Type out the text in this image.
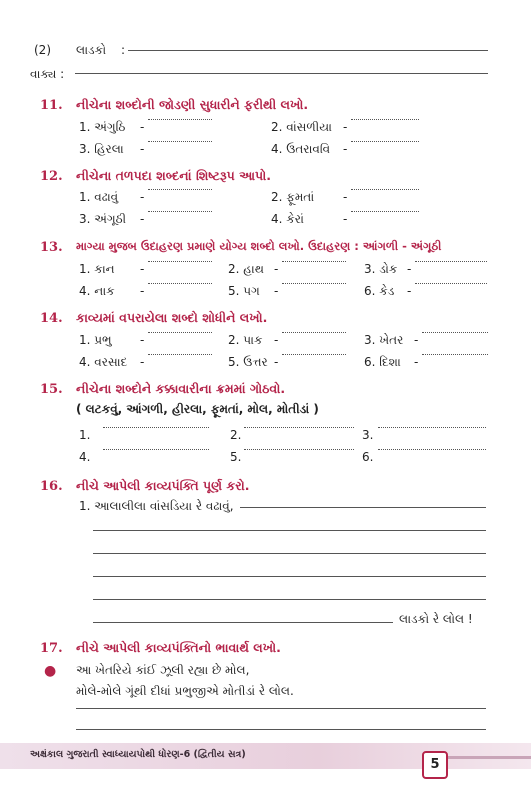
(2) લાડકો :
વાક્ય :
11. નીચેના શબ્દોની જોડણી સુધારીને ફરીથી લખો.
1. અંગુઠિ -	2. વાંસળીયા -
3. હિરલા -	4. ઉતરાવવિ -
12. નીચેના તળપદા શબ્દનાં શિષ્ટરૂપ આપો.
1. વઢાવું -	2. ફૂમતાં -
3. અંગૂઠી -	4. કેરાં	-
13. માગ્યા મુજબ ઉદાહરણ પ્રમાણે યોગ્ય શબ્દો લખો. ઉદાહરણ : આંગળી - અંગૂઠી
1. કાન -	2. હાથ -	3. ડોક -
4. નાક -	5. પગ -	6. કેડ -
14. કાવ્યમાં વપરાયેલા શબ્દો શોધીને લખો.
1. પ્રભુ -	2. પાક -	3. ખેતર -
4. વરસાદ -	5. ઉત્તર -	6. દિશા -
15. નીચેના શબ્દોને કક્કાવારીના ક્રમમાં ગોઠવો.
( લટકવું, આંગળી, હીરલા, ફૂમતાં, મોલ, મોતીડાં )
1.	2.	3.
4.	5.	6.
16. નીચે આપેલી કાવ્યપંક્તિ પૂર્ણ કરો.
1. આલાલીલા વાંસડિયા રે વઢાવું,
લાડકો રે લોલ !
17. નીચે આપેલી કાવ્યપંક્તિનો ભાવાર્થ લખો.
● આ ખેતરિયે કાંઈ ઝૂલી રહ્યા છે મોલ,
મોલે-મોલે ગૂંથી દીધાં પ્રભુજીએ મોતીડાં રે લોલ.
અક્ષંકાલ ગુજરાતી સ્વાધ્યાયપોથી ધોરણ-6 (દ્વિતીય સત્ર)
5
